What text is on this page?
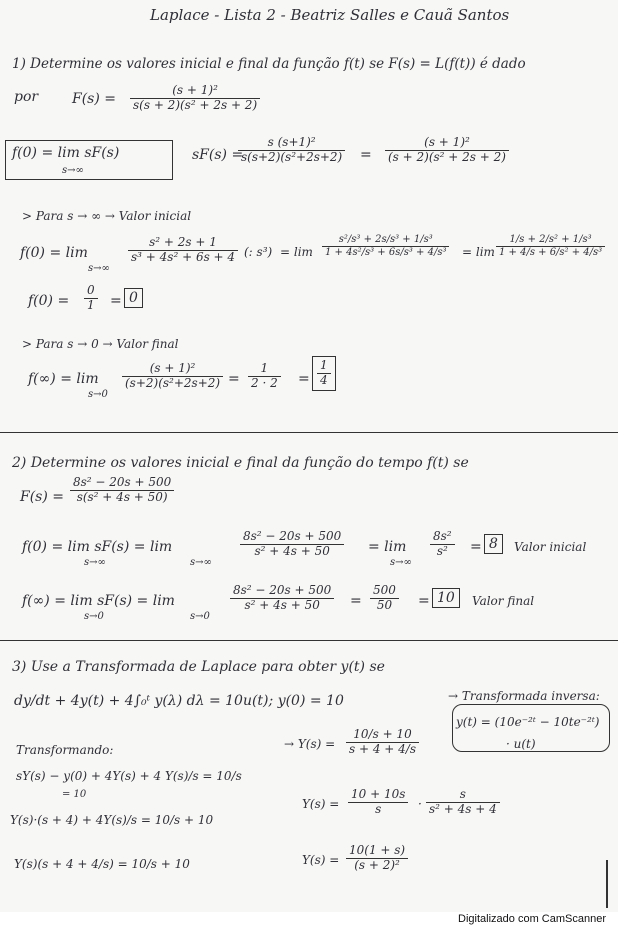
Laplace - Lista 2 - Beatriz Salles e Cauã Santos
1) Determine os valores inicial e final da função f(t) se F(s) = L(f(t)) é dado
por $F(s) = \frac{\text{(s + 1)²}}{\text{s(s + 2)(s² + 2s + 2)}}$
f(0) = lim sF(s)
s→∞
sF(s) =
$\frac{\text{s (s+1)²}}{\text{s(s+2)(s²+2s+2)}} = \frac{\text{(s + 1)²}}{\text{(s + 2)(s² + 2s + 2)}}$
> Para s → ∞ → Valor inicial
f(0) = lim
s→∞
$\frac{\text{s² + 2s + 1}}{\text{s³ + 4s² + 6s + 4}}$ (: $s^3) = \lim \frac{\text{s²/s³ + 2s/s³ + 1/s³}}{\text{1 + 4s²/s³ + 6s/s³ + 4/s³}} = \lim \frac{\text{1/s + 2/s² + 1/s³}}{\text{1 + 4/s + 6/s² + 4/s³}}$
$f(0) = \frac{0}{1} = 0$
> Para s → 0 → Valor final
f(∞) = lim
s→0
$\frac{\text{(s + 1)²}}{\text{(s+2)(s²+2s+2)}} = \frac{1}{2 \cdot 2} = \frac{1}{4}$
2) Determine os valores inicial e final da função do tempo f(t) se
$F(s) = \frac{\text{8s² − 20s + 500}}{\text{s(s² + 4s + 50)}}$
f(0) = lim sF(s) = lim
s→∞	s→∞
$\frac{\text{8s² − 20s + 500}}{\text{s² + 4s + 50}} = \lim$
s→∞
$\frac{\text{8s²}}{\text{s²}} = 8$	Valor inicial
f(∞) = lim sF(s) = lim
s→0	s→0
$\frac{\text{8s² − 20s + 500}}{\text{s² + 4s + 50}} = \frac{500}{50} = 10$	Valor final
3) Use a Transformada de Laplace para obter y(t) se
dy/dt + 4y(t) + 4∫₀ᵗ y(λ) dλ = 10u(t); y(0) = 10
Transformando:
sY(s) − y(0) + 4Y(s) + 4 Y(s)/s = 10/s
= 10
Y(s)·(s + 4) + 4Y(s)/s = 10/s + 10
Y(s)(s + 4 + 4/s) = 10/s + 10
→ $Y(s) = \frac{10/s + 10}{s + 4 + 4/s}$
$Y(s) = \frac{10 + 10s}{s} \cdot \frac{s}{\text{s² + 4s + 4}}$
$Y(s) = \frac{10(1 + s)}{\text{(s + 2)²}}$
→ Transformada inversa:
y(t) = (10e⁻²ᵗ − 10te⁻²ᵗ)
· u(t)
Digitalizado com CamScanner
